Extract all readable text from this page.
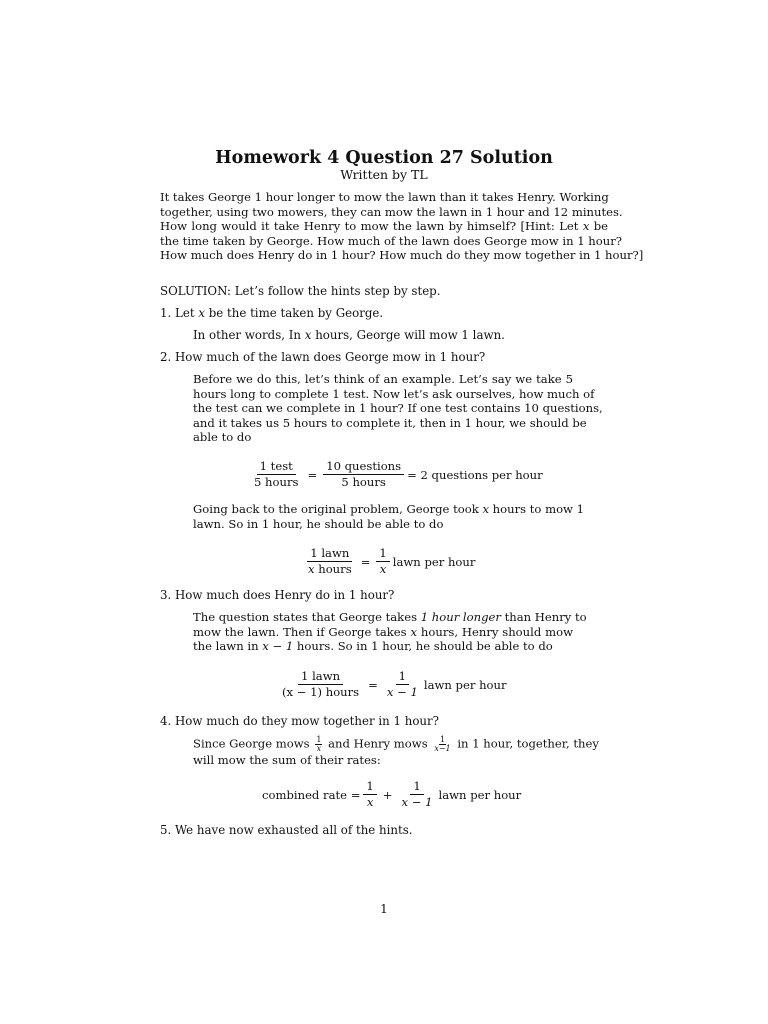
Homework 4 Question 27 Solution
Written by TL
It takes George 1 hour longer to mow the lawn than it takes Henry. Working
together, using two mowers, they can mow the lawn in 1 hour and 12 minutes.
How long would it take Henry to mow the lawn by himself? [Hint: Let x be
the time taken by George. How much of the lawn does George mow in 1 hour?
How much does Henry do in 1 hour? How much do they mow together in 1 hour?]
SOLUTION: Let’s follow the hints step by step.
1. Let x be the time taken by George.
In other words, In x hours, George will mow 1 lawn.
2. How much of the lawn does George mow in 1 hour?
Before we do this, let’s think of an example. Let’s say we take 5
hours long to complete 1 test. Now let’s ask ourselves, how much of
the test can we complete in 1 hour? If one test contains 10 questions,
and it takes us 5 hours to complete it, then in 1 hour, we should be
able to do
$\frac{\text{1 test}}{\text{5 hours}} = \frac{\text{10 questions}}{\text{5 hours}} = 2$ questions per hour
Going back to the original problem, George took x hours to mow 1
lawn. So in 1 hour, he should be able to do
$\frac{\text{1 lawn}}{\text{x hours}} = \frac{1}{x}$ lawn per hour
3. How much does Henry do in 1 hour?
The question states that George takes 1 hour longer than Henry to
mow the lawn. Then if George takes x hours, Henry should mow
the lawn in x − 1 hours. So in 1 hour, he should be able to do
$\frac{\text{1 lawn}}{\text{(x − 1) hours}} = \frac{1}{x - 1}$ lawn per hour
4. How much do they mow together in 1 hour?
Since George mows $\frac{1}{x}$ and Henry mows $\frac{1}{x-1}$ in 1 hour, together, they
will mow the sum of their rates:
combined rate = $\frac{1}{x} + \frac{1}{x - 1}$ lawn per hour
5. We have now exhausted all of the hints.
1
